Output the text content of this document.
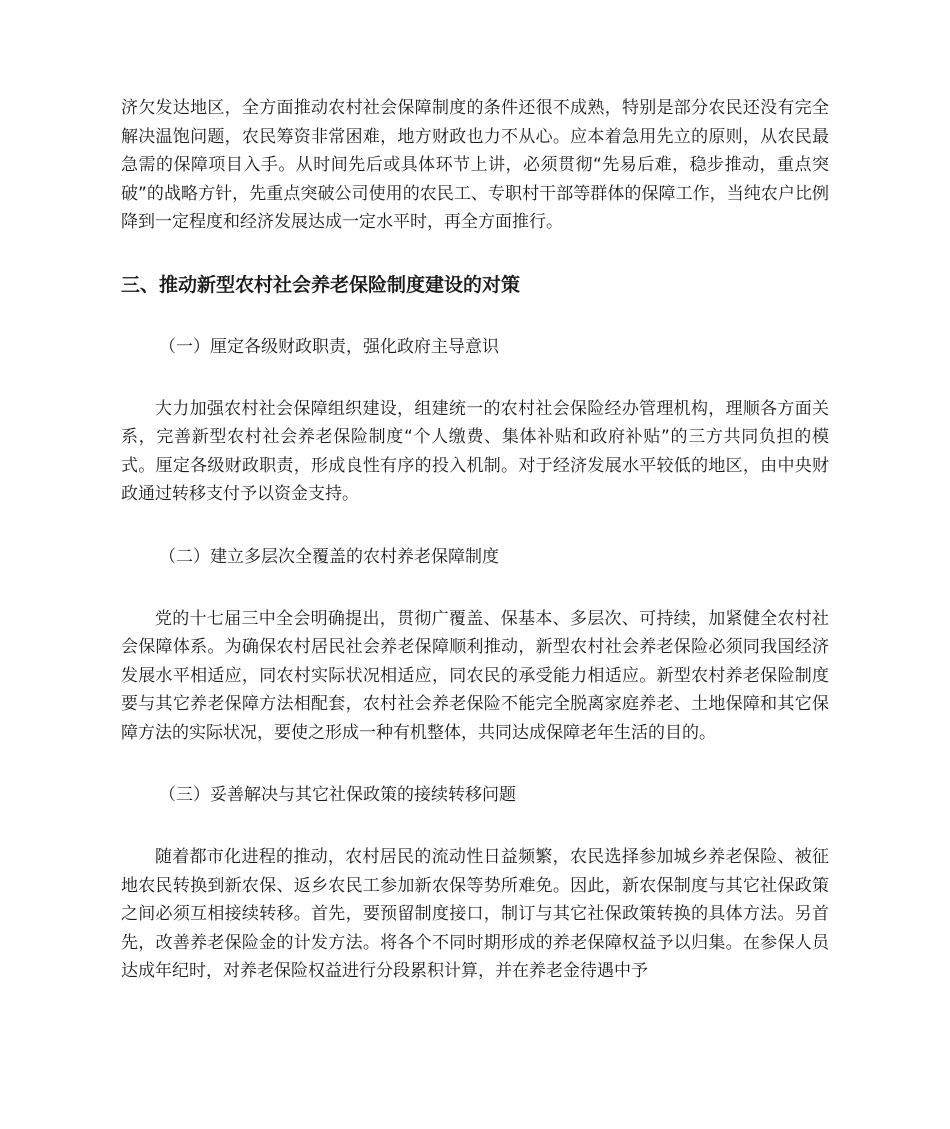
济欠发达地区，全方面推动农村社会保障制度的条件还很不成熟，特别是部分农民还没有完全解决温饱问题，农民筹资非常困难，地方财政也力不从心。应本着急用先立的原则，从农民最急需的保障项目入手。从时间先后或具体环节上讲，必须贯彻“先易后难，稳步推动，重点突破”的战略方针，先重点突破公司使用的农民工、专职村干部等群体的保障工作，当纯农户比例降到一定程度和经济发展达成一定水平时，再全方面推行。

三、推动新型农村社会养老保险制度建设的对策

（一）厘定各级财政职责，强化政府主导意识

大力加强农村社会保障组织建设，组建统一的农村社会保险经办管理机构，理顺各方面关系，完善新型农村社会养老保险制度“个人缴费、集体补贴和政府补贴”的三方共同负担的模式。厘定各级财政职责，形成良性有序的投入机制。对于经济发展水平较低的地区，由中央财政通过转移支付予以资金支持。

（二）建立多层次全覆盖的农村养老保障制度

党的十七届三中全会明确提出，贯彻广覆盖、保基本、多层次、可持续，加紧健全农村社会保障体系。为确保农村居民社会养老保障顺利推动，新型农村社会养老保险必须同我国经济发展水平相适应，同农村实际状况相适应，同农民的承受能力相适应。新型农村养老保险制度要与其它养老保障方法相配套，农村社会养老保险不能完全脱离家庭养老、土地保障和其它保障方法的实际状况，要使之形成一种有机整体，共同达成保障老年生活的目的。

（三）妥善解决与其它社保政策的接续转移问题

随着都市化进程的推动，农村居民的流动性日益频繁，农民选择参加城乡养老保险、被征地农民转换到新农保、返乡农民工参加新农保等势所难免。因此，新农保制度与其它社保政策之间必须互相接续转移。首先，要预留制度接口，制订与其它社保政策转换的具体方法。另首先，改善养老保险金的计发方法。将各个不同时期形成的养老保障权益予以归集。在参保人员达成年纪时，对养老保险权益进行分段累积计算，并在养老金待遇中予
